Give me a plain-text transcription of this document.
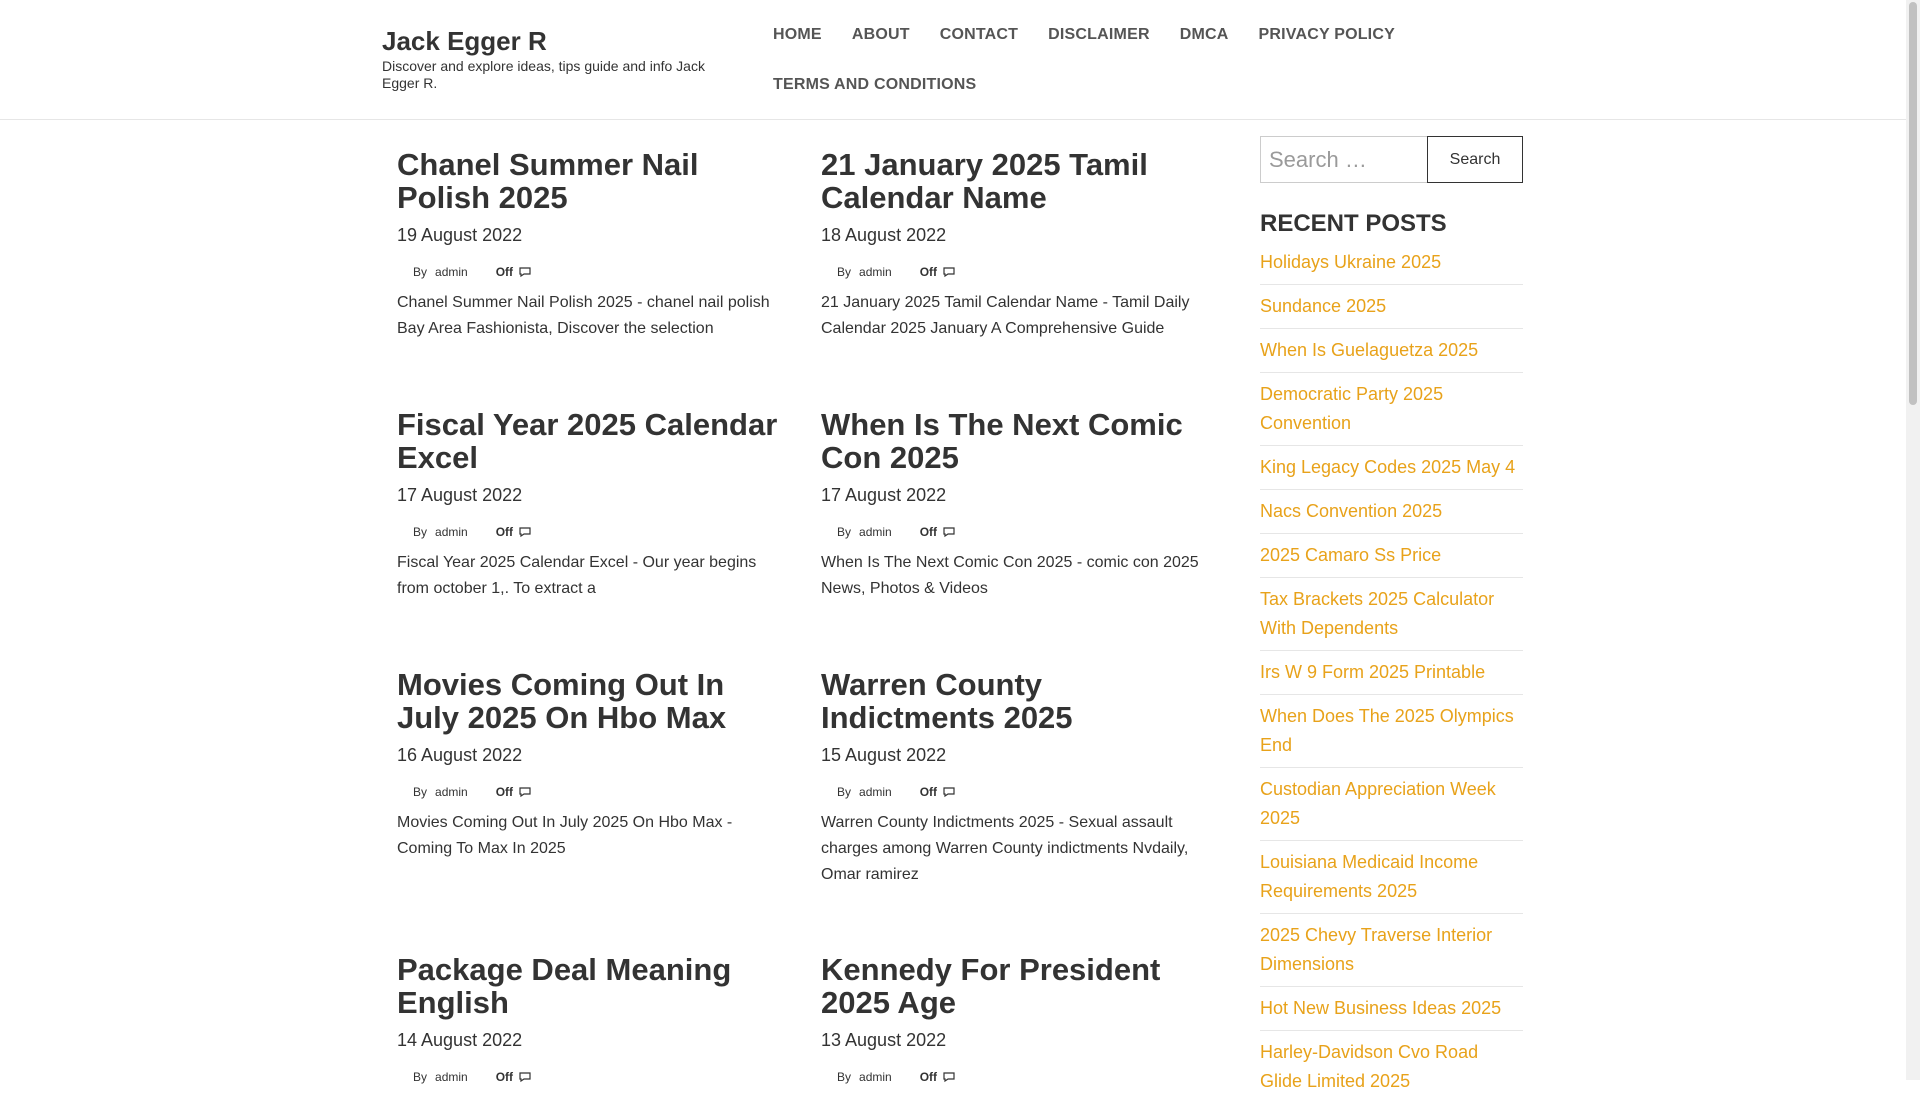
Jack Egger R

Discover and explore ideas, tips guide and info Jack Egger R.

HOME ABOUT CONTACT DISCLAIMER DMCA PRIVACY POLICY
TERMS AND CONDITIONS
Chanel Summer Nail Polish 2025
19 August 2022
By admin Off

Chanel Summer Nail Polish 2025 - chanel nail polish Bay Area Fashionista, Discover the selection

21 January 2025 Tamil Calendar Name
18 August 2022
By admin Off

21 January 2025 Tamil Calendar Name - Tamil Daily Calendar 2025 January A Comprehensive Guide

Fiscal Year 2025 Calendar Excel
17 August 2022
By admin Off

Fiscal Year 2025 Calendar Excel - Our year begins from october 1,. To extract a

When Is The Next Comic Con 2025
17 August 2022
By admin Off

When Is The Next Comic Con 2025 - comic con 2025 News, Photos & Videos

Movies Coming Out In July 2025 On Hbo Max
16 August 2022
By admin Off

Movies Coming Out In July 2025 On Hbo Max - Coming To Max In 2025

Warren County Indictments 2025
15 August 2022
By admin Off

Warren County Indictments 2025 - Sexual assault charges among Warren County indictments Nvdaily, Omar ramirez

Package Deal Meaning English
14 August 2022
By admin Off
Kennedy For President 2025 Age
13 August 2022
By admin Off
Search …
Search
RECENT POSTS
Holidays Ukraine 2025
Sundance 2025
When Is Guelaguetza 2025
Democratic Party 2025 Convention
King Legacy Codes 2025 May 4
Nacs Convention 2025
2025 Camaro Ss Price
Tax Brackets 2025 Calculator With Dependents
Irs W 9 Form 2025 Printable
When Does The 2025 Olympics End
Custodian Appreciation Week 2025
Louisiana Medicaid Income Requirements 2025
2025 Chevy Traverse Interior Dimensions
Hot New Business Ideas 2025
Harley-Davidson Cvo Road Glide Limited 2025
